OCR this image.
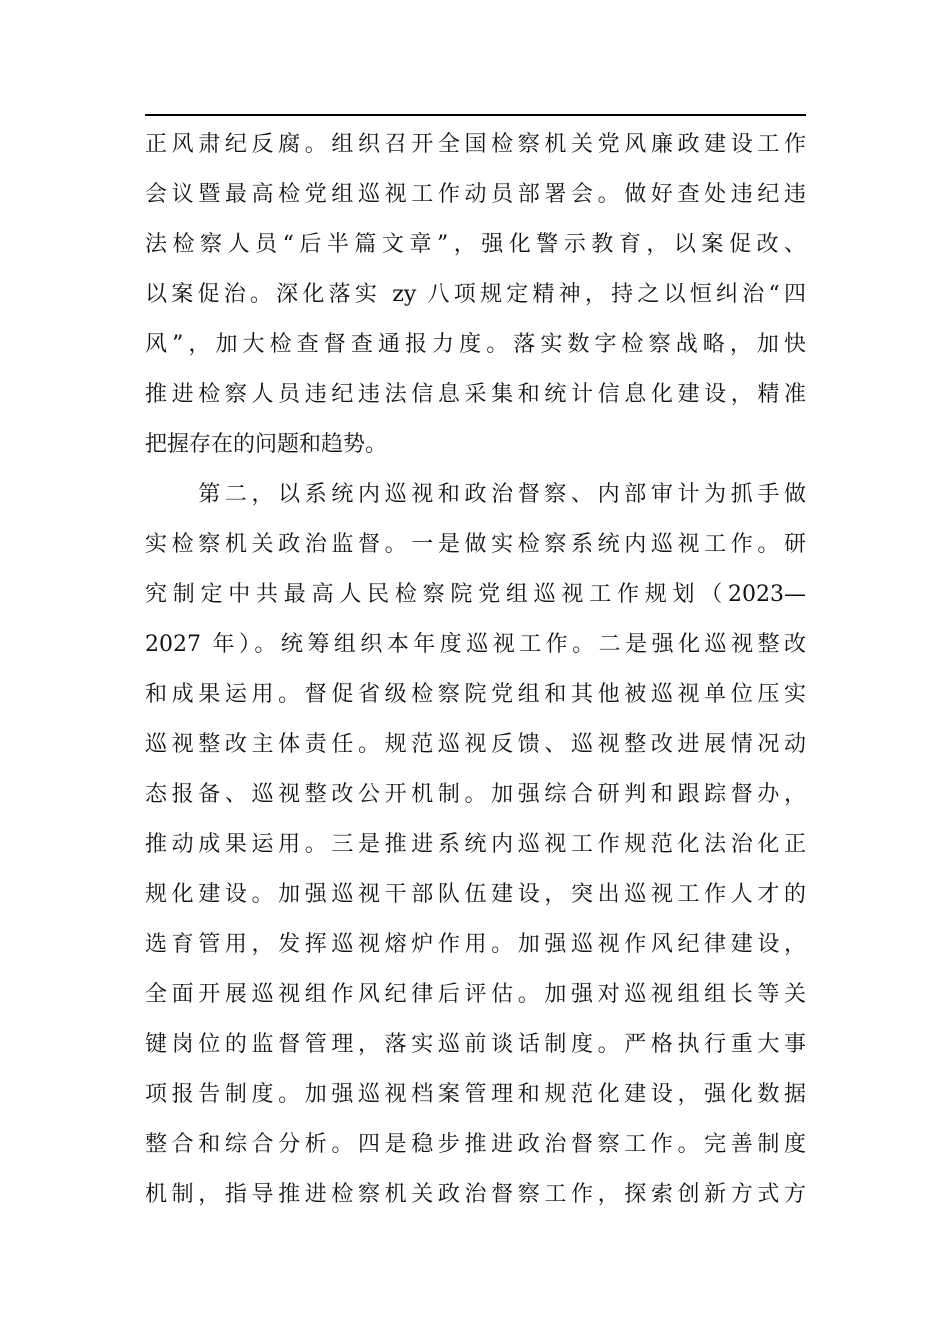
正风肃纪反腐。组织召开全国检察机关党风廉政建设工作
会议暨最高检党组巡视工作动员部署会。做好查处违纪违
法检察人员“后半篇文章”，强化警示教育，以案促改、
以案促治。深化落实 zy 八项规定精神，持之以恒纠治“四
风”，加大检查督查通报力度。落实数字检察战略，加快
推进检察人员违纪违法信息采集和统计信息化建设，精准
把握存在的问题和趋势。
　　第二，以系统内巡视和政治督察、内部审计为抓手做
实检察机关政治监督。一是做实检察系统内巡视工作。研
究制定中共最高人民检察院党组巡视工作规划（2023—
2027 年）。统筹组织本年度巡视工作。二是强化巡视整改
和成果运用。督促省级检察院党组和其他被巡视单位压实
巡视整改主体责任。规范巡视反馈、巡视整改进展情况动
态报备、巡视整改公开机制。加强综合研判和跟踪督办，
推动成果运用。三是推进系统内巡视工作规范化法治化正
规化建设。加强巡视干部队伍建设，突出巡视工作人才的
选育管用，发挥巡视熔炉作用。加强巡视作风纪律建设，
全面开展巡视组作风纪律后评估。加强对巡视组组长等关
键岗位的监督管理，落实巡前谈话制度。严格执行重大事
项报告制度。加强巡视档案管理和规范化建设，强化数据
整合和综合分析。四是稳步推进政治督察工作。完善制度
机制，指导推进检察机关政治督察工作，探索创新方式方
